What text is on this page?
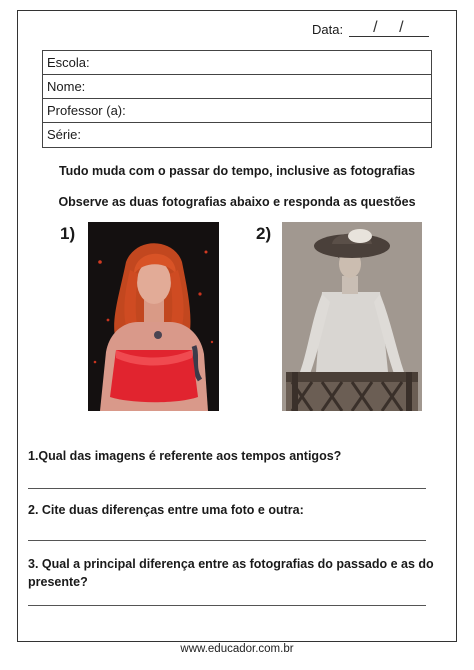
Data: / /
Escola:
Nome:
Professor (a):
Série:
Tudo muda com o passar do tempo, inclusive as fotografias
Observe as duas fotografias abaixo e responda as questões
1)	2)
1.Qual das imagens é referente aos tempos antigos?
2. Cite duas diferenças entre uma foto e outra:
3. Qual a principal diferença entre as fotografias do passado e as do presente?
www.educador.com.br
